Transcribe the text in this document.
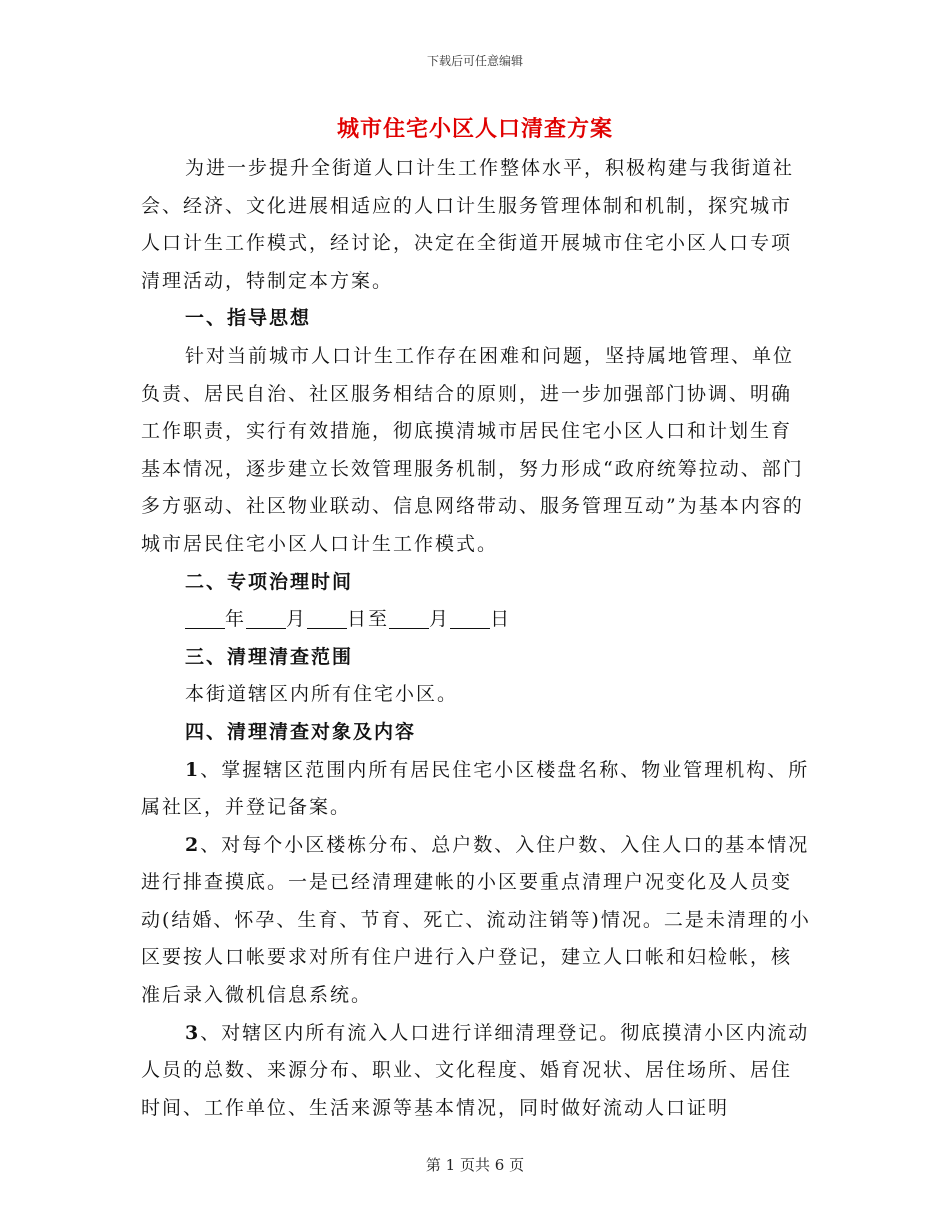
下载后可任意编辑
城市住宅小区人口清查方案

为进一步提升全街道人口计生工作整体水平，积极构建与我街道社会、经济、文化进展相适应的人口计生服务管理体制和机制，探究城市人口计生工作模式，经讨论，决定在全街道开展城市住宅小区人口专项清理活动，特制定本方案。

一、指导思想

针对当前城市人口计生工作存在困难和问题，坚持属地管理、单位负责、居民自治、社区服务相结合的原则，进一步加强部门协调、明确工作职责，实行有效措施，彻底摸清城市居民住宅小区人口和计划生育基本情况，逐步建立长效管理服务机制，努力形成“政府统筹拉动、部门多方驱动、社区物业联动、信息网络带动、服务管理互动”为基本内容的城市居民住宅小区人口计生工作模式。

二、专项治理时间

年 月 日至 月 日

三、清理清查范围

本街道辖区内所有住宅小区。

四、清理清查对象及内容

1、掌握辖区范围内所有居民住宅小区楼盘名称、物业管理机构、所属社区，并登记备案。

2、对每个小区楼栋分布、总户数、入住户数、入住人口的基本情况进行排查摸底。一是已经清理建帐的小区要重点清理户况变化及人员变动(结婚、怀孕、生育、节育、死亡、流动注销等)情况。二是未清理的小区要按人口帐要求对所有住户进行入户登记，建立人口帐和妇检帐，核准后录入微机信息系统。

3、对辖区内所有流入人口进行详细清理登记。彻底摸清小区内流动人员的总数、来源分布、职业、文化程度、婚育况状、居住场所、居住时间、工作单位、生活来源等基本情况，同时做好流动人口证明

第 1 页共 6 页
